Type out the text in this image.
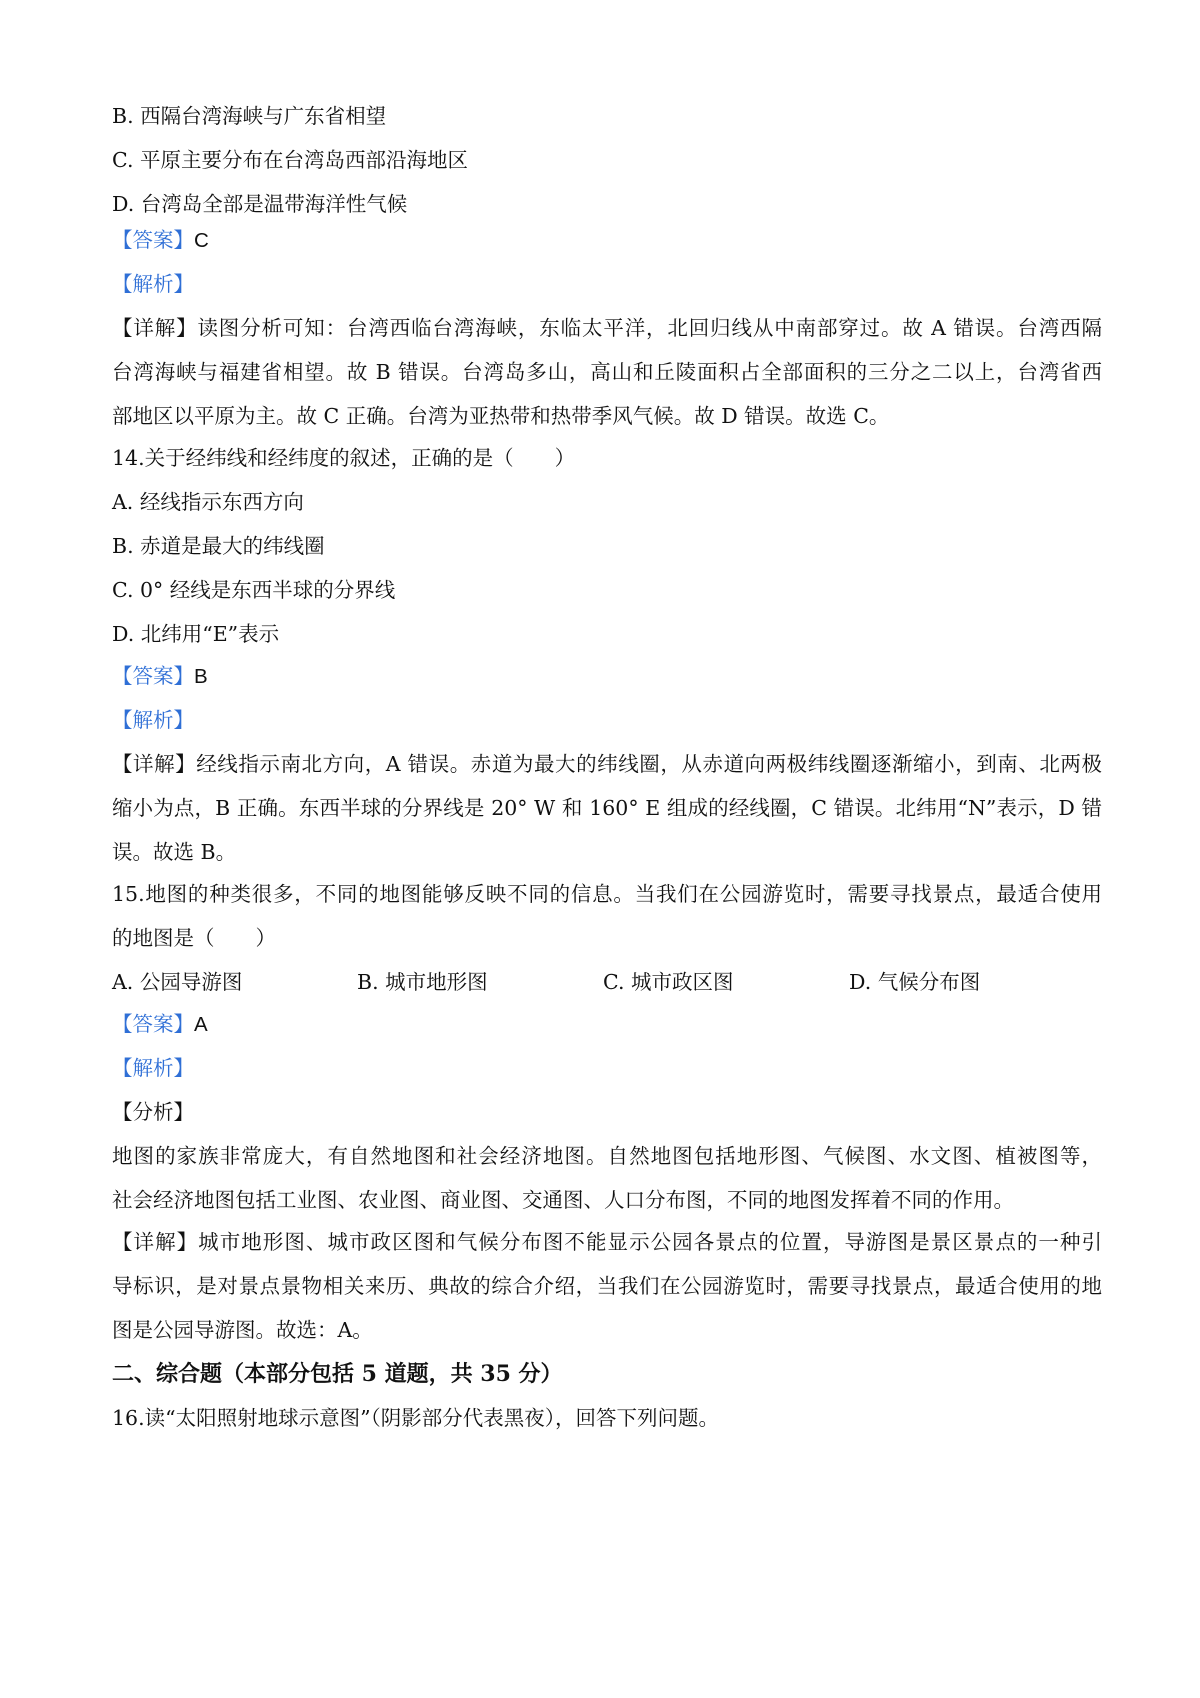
B. 西隔台湾海峡与广东省相望
C. 平原主要分布在台湾岛西部沿海地区
D. 台湾岛全部是温带海洋性气候
【答案】C
【解析】
【详解】读图分析可知：台湾西临台湾海峡，东临太平洋，北回归线从中南部穿过。故 A 错误。台湾西隔
台湾海峡与福建省相望。故 B 错误。台湾岛多山，高山和丘陵面积占全部面积的三分之二以上，台湾省西
部地区以平原为主。故 C 正确。台湾为亚热带和热带季风气候。故 D 错误。故选 C。
14.关于经纬线和经纬度的叙述，正确的是（　　）
A. 经线指示东西方向
B. 赤道是最大的纬线圈
C. 0° 经线是东西半球的分界线
D. 北纬用“E”表示
【答案】B
【解析】
【详解】经线指示南北方向，A 错误。赤道为最大的纬线圈，从赤道向两极纬线圈逐渐缩小，到南、北两极
缩小为点，B 正确。东西半球的分界线是 20° W 和 160° E 组成的经线圈，C 错误。北纬用“N”表示，D 错
误。故选 B。
15.地图的种类很多，不同的地图能够反映不同的信息。当我们在公园游览时，需要寻找景点，最适合使用
的地图是（　　）
A. 公园导游图	B. 城市地形图	C. 城市政区图	D. 气候分布图
【答案】A
【解析】
【分析】
地图的家族非常庞大，有自然地图和社会经济地图。自然地图包括地形图、气候图、水文图、植被图等，
社会经济地图包括工业图、农业图、商业图、交通图、人口分布图，不同的地图发挥着不同的作用。
【详解】城市地形图、城市政区图和气候分布图不能显示公园各景点的位置，导游图是景区景点的一种引
导标识，是对景点景物相关来历、典故的综合介绍，当我们在公园游览时，需要寻找景点，最适合使用的地
图是公园导游图。故选：A。
二、综合题（本部分包括 5 道题，共 35 分）
16.读“太阳照射地球示意图”（阴影部分代表黑夜），回答下列问题。
